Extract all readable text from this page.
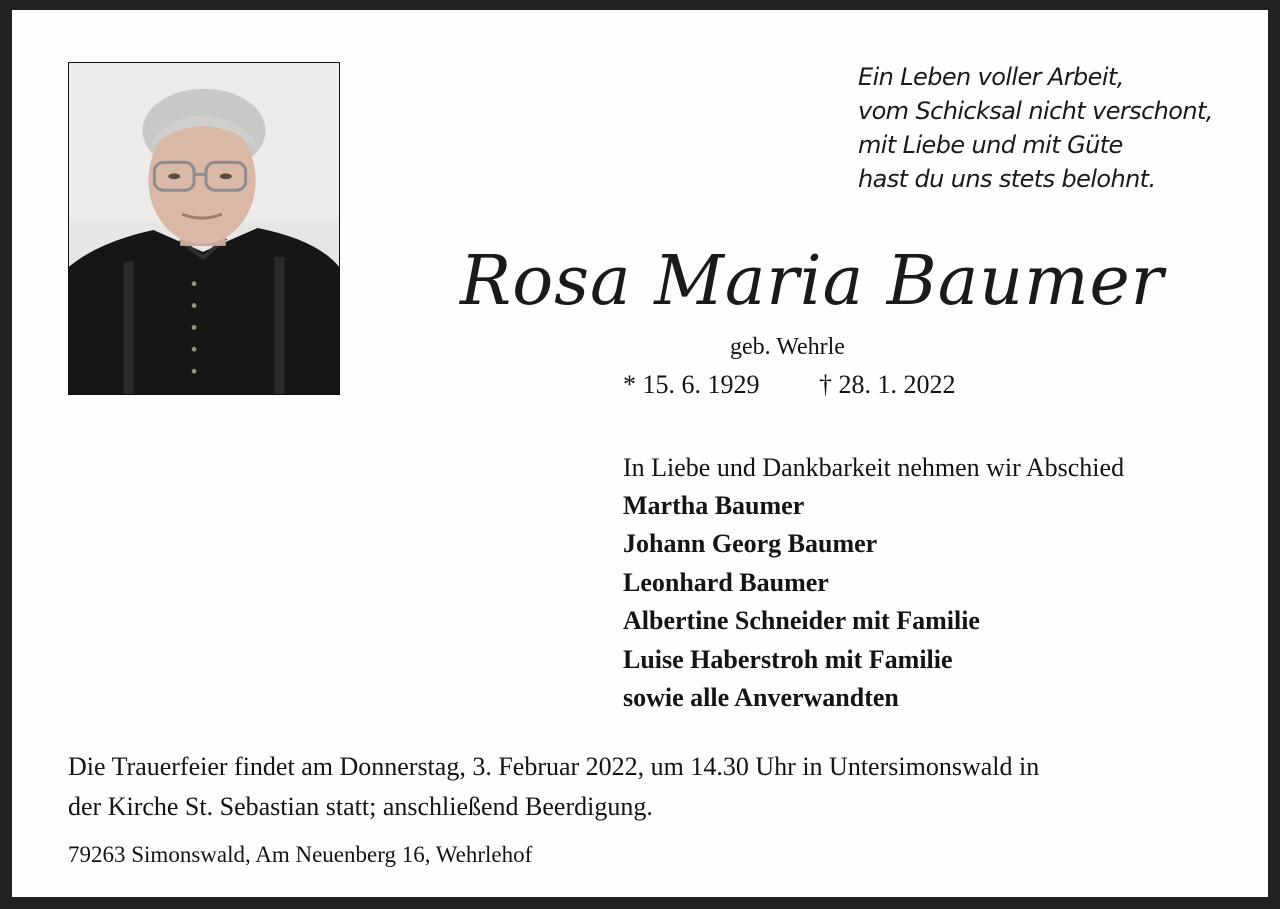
Ein Leben voller Arbeit,
vom Schicksal nicht verschont,
mit Liebe und mit Güte
hast du uns stets belohnt.
Rosa Maria Baumer
geb. Wehrle
* 15. 6. 1929 † 28. 1. 2022
In Liebe und Dankbarkeit nehmen wir Abschied
Martha Baumer
Johann Georg Baumer
Leonhard Baumer
Albertine Schneider mit Familie
Luise Haberstroh mit Familie
sowie alle Anverwandten
Die Trauerfeier findet am Donnerstag, 3. Februar 2022, um 14.30 Uhr in Untersimonswald in
der Kirche St. Sebastian statt; anschließend Beerdigung.
79263 Simonswald, Am Neuenberg 16, Wehrlehof
